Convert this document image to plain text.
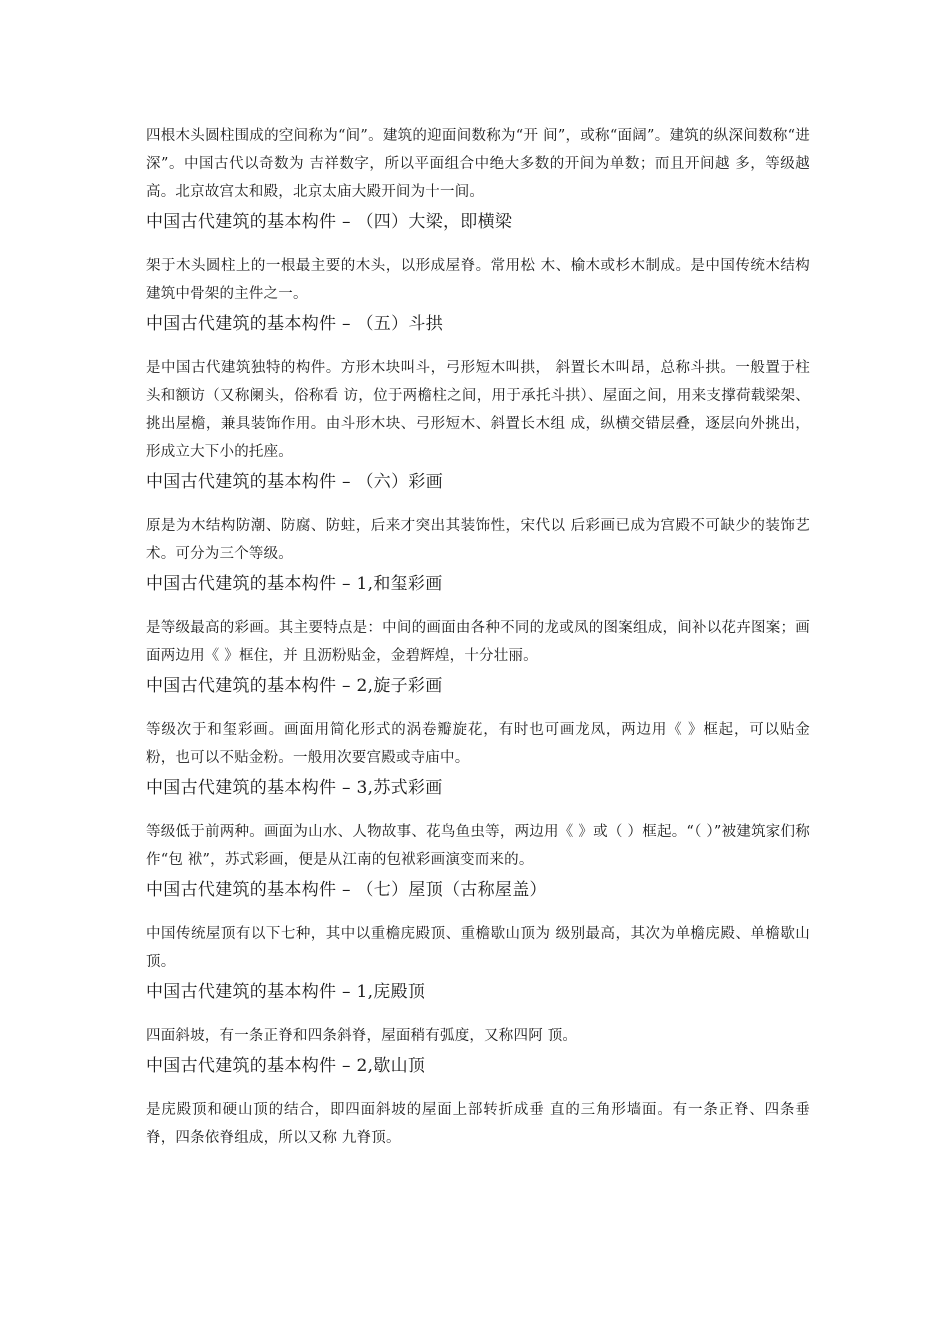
四根木头圆柱围成的空间称为“间”。建筑的迎面间数称为“开 间”，或称“面阔”。建筑的纵深间数称“进深”。中国古代以奇数为 吉祥数字，所以平面组合中绝大多数的开间为单数；而且开间越 多，等级越高。北京故宫太和殿，北京太庙大殿开间为十一间。

中国古代建筑的基本构件 – （四）大梁，即横梁

架于木头圆柱上的一根最主要的木头，以形成屋脊。常用松 木、榆木或杉木制成。是中国传统木结构建筑中骨架的主件之一。

中国古代建筑的基本构件 – （五）斗拱

是中国古代建筑独特的构件。方形木块叫斗，弓形短木叫拱， 斜置长木叫昂，总称斗拱。一般置于柱头和额访（又称阑头，俗称看 访，位于两檐柱之间，用于承托斗拱）、屋面之间，用来支撑荷载梁架、挑出屋檐，兼具装饰作用。由斗形木块、弓形短木、斜置长木组 成，纵横交错层叠，逐层向外挑出，形成立大下小的托座。

中国古代建筑的基本构件 – （六）彩画

原是为木结构防潮、防腐、防蛀，后来才突出其装饰性，宋代以 后彩画已成为宫殿不可缺少的装饰艺术。可分为三个等级。

中国古代建筑的基本构件 – 1,和玺彩画

是等级最高的彩画。其主要特点是：中间的画面由各种不同的龙或凤的图案组成，间补以花卉图案；画面两边用《 》框住，并 且沥粉贴金，金碧辉煌，十分壮丽。

中国古代建筑的基本构件 – 2,旋子彩画

等级次于和玺彩画。画面用简化形式的涡卷瓣旋花，有时也可画龙凤，两边用《 》框起，可以贴金粉，也可以不贴金粉。一般用次要宫殿或寺庙中。

中国古代建筑的基本构件 – 3,苏式彩画

等级低于前两种。画面为山水、人物故事、花鸟鱼虫等，两边用《 》或（ ）框起。“（ ）”被建筑家们称作“包 袱”，苏式彩画，便是从江南的包袱彩画演变而来的。

中国古代建筑的基本构件 – （七）屋顶（古称屋盖）

中国传统屋顶有以下七种，其中以重檐庑殿顶、重檐歇山顶为 级别最高，其次为单檐庑殿、单檐歇山顶。

中国古代建筑的基本构件 – 1,庑殿顶

四面斜坡，有一条正脊和四条斜脊，屋面稍有弧度，又称四阿 顶。

中国古代建筑的基本构件 – 2,歇山顶

是庑殿顶和硬山顶的结合，即四面斜坡的屋面上部转折成垂 直的三角形墙面。有一条正脊、四条垂脊，四条依脊组成，所以又称 九脊顶。
